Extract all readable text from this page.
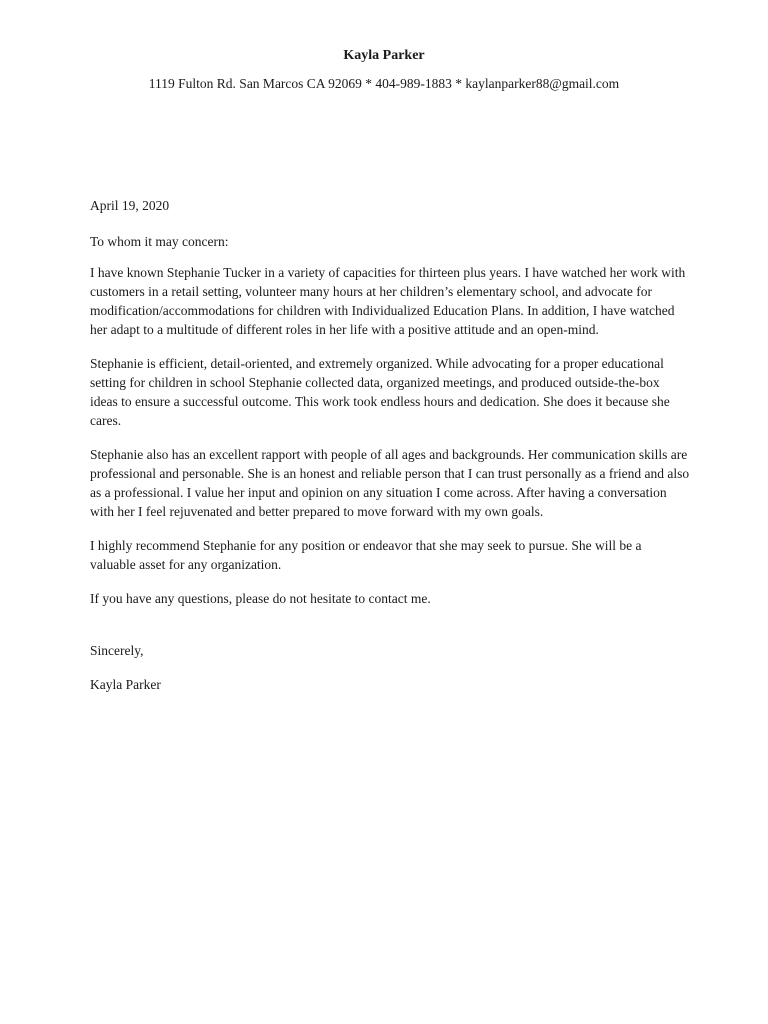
Kayla Parker

1119 Fulton Rd. San Marcos CA 92069 * 404-989-1883 * kaylanparker88@gmail.com

April 19, 2020

To whom it may concern:

I have known Stephanie Tucker in a variety of capacities for thirteen plus years. I have watched her work with customers in a retail setting, volunteer many hours at her children’s elementary school, and advocate for modification/accommodations for children with Individualized Education Plans. In addition, I have watched her adapt to a multitude of different roles in her life with a positive attitude and an open-mind.

Stephanie is efficient, detail-oriented, and extremely organized. While advocating for a proper educational setting for children in school Stephanie collected data, organized meetings, and produced outside-the-box ideas to ensure a successful outcome. This work took endless hours and dedication. She does it because she cares.

Stephanie also has an excellent rapport with people of all ages and backgrounds. Her communication skills are professional and personable. She is an honest and reliable person that I can trust personally as a friend and also as a professional. I value her input and opinion on any situation I come across. After having a conversation with her I feel rejuvenated and better prepared to move forward with my own goals.

I highly recommend Stephanie for any position or endeavor that she may seek to pursue. She will be a valuable asset for any organization.

If you have any questions, please do not hesitate to contact me.

Sincerely,

Kayla Parker
